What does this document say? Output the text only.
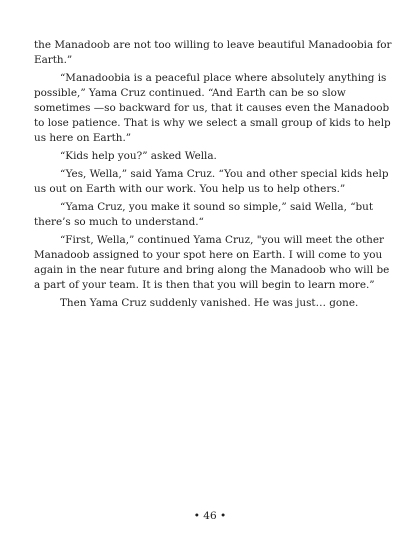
the Manadoob are not too willing to leave beautiful Manadoobia for Earth.”

“Manadoobia is a peaceful place where absolutely anything is possible,” Yama Cruz continued. “And Earth can be so slow sometimes —so backward for us, that it causes even the Manadoob to lose patience. That is why we select a small group of kids to help us here on Earth.”

“Kids help you?” asked Wella.

“Yes, Wella,” said Yama Cruz. “You and other special kids help us out on Earth with our work. You help us to help others.”

“Yama Cruz, you make it sound so simple,” said Wella, “but there’s so much to understand.“

“First, Wella,” continued Yama Cruz, "you will meet the other Manadoob assigned to your spot here on Earth. I will come to you again in the near future and bring along the Manadoob who will be a part of your team. It is then that you will begin to learn more.”

Then Yama Cruz suddenly vanished. He was just… gone.

• 46 •
